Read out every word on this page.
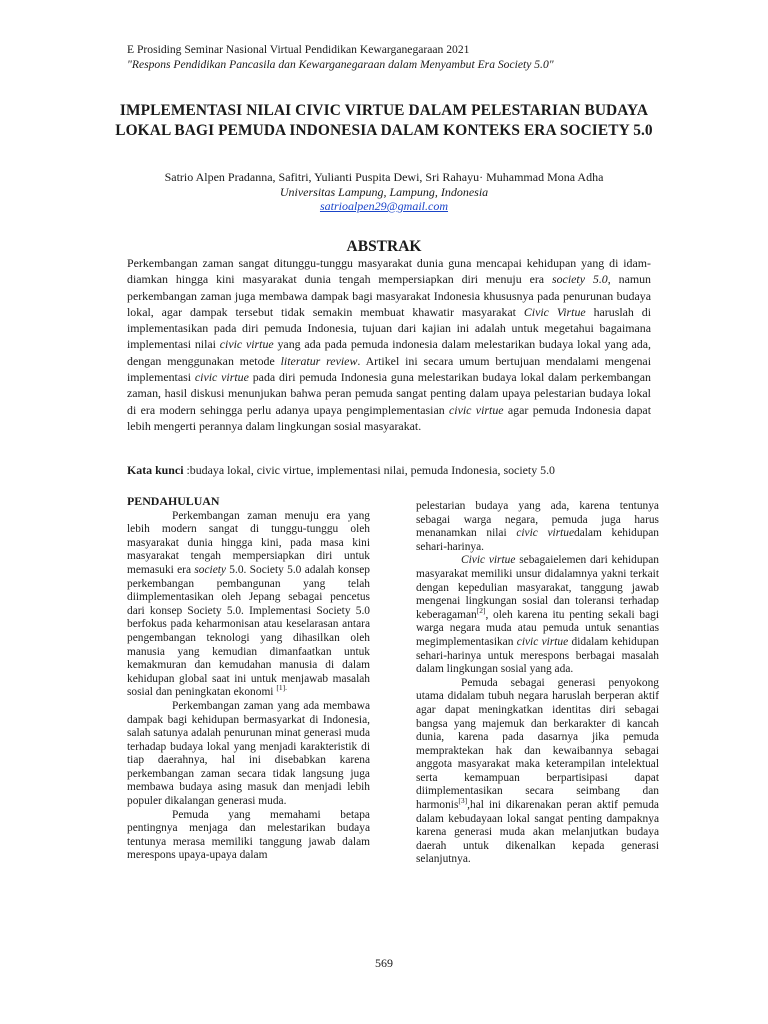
E Prosiding Seminar Nasional Virtual Pendidikan Kewarganegaraan 2021
"Respons Pendidikan Pancasila dan Kewarganegaraan dalam Menyambut Era Society 5.0"
IMPLEMENTASI NILAI CIVIC VIRTUE DALAM PELESTARIAN BUDAYA LOKAL BAGI PEMUDA INDONESIA DALAM KONTEKS ERA SOCIETY 5.0
Satrio Alpen Pradanna, Safitri, Yulianti Puspita Dewi, Sri Rahayu· Muhammad Mona Adha
Universitas Lampung, Lampung, Indonesia
satrioalpen29@gmail.com
ABSTRAK

Perkembangan zaman sangat ditunggu-tunggu masyarakat dunia guna mencapai kehidupan yang di idam-diamkan hingga kini masyarakat dunia tengah mempersiapkan diri menuju era society 5.0, namun perkembangan zaman juga membawa dampak bagi masyarakat Indonesia khususnya pada penurunan budaya lokal, agar dampak tersebut tidak semakin membuat khawatir masyarakat Civic Virtue haruslah di implementasikan pada diri pemuda Indonesia, tujuan dari kajian ini adalah untuk megetahui bagaimana implementasi nilai civic virtue yang ada pada pemuda indonesia dalam melestarikan budaya lokal yang ada, dengan menggunakan metode literatur review. Artikel ini secara umum bertujuan mendalami mengenai implementasi civic virtue pada diri pemuda Indonesia guna melestarikan budaya lokal dalam perkembangan zaman, hasil diskusi menunjukan bahwa peran pemuda sangat penting dalam upaya pelestarian budaya lokal di era modern sehingga perlu adanya upaya pengimplementasian civic virtue agar pemuda Indonesia dapat lebih mengerti perannya dalam lingkungan sosial masyarakat.

Kata kunci :budaya lokal, civic virtue, implementasi nilai, pemuda Indonesia, society 5.0
PENDAHULUAN

Perkembangan zaman menuju era yang lebih modern sangat di tunggu-tunggu oleh masyarakat dunia hingga kini, pada masa kini masyarakat tengah mempersiapkan diri untuk memasuki era society 5.0. Society 5.0 adalah konsep perkembangan pembangunan yang telah diimplementasikan oleh Jepang sebagai pencetus dari konsep Society 5.0. Implementasi Society 5.0 berfokus pada keharmonisan atau keselarasan antara pengembangan teknologi yang dihasilkan oleh manusia yang kemudian dimanfaatkan untuk kemakmuran dan kemudahan manusia di dalam kehidupan global saat ini untuk menjawab masalah sosial dan peningkatan ekonomi $^{[1].}$

Perkembangan zaman yang ada membawa dampak bagi kehidupan bermasyarkat di Indonesia, salah satunya adalah penurunan minat generasi muda terhadap budaya lokal yang menjadi karakteristik di tiap daerahnya, hal ini disebabkan karena perkembangan zaman secara tidak langsung juga membawa budaya asing masuk dan menjadi lebih populer dikalangan generasi muda.

Pemuda yang memahami betapa pentingnya menjaga dan melestarikan budaya tentunya merasa memiliki tanggung jawab dalam merespons upaya-upaya dalam

pelestarian budaya yang ada, karena tentunya sebagai warga negara, pemuda juga harus menanamkan nilai civic virtuedalam kehidupan sehari-harinya.

Civic virtue sebagaielemen dari kehidupan masyarakat memiliki unsur didalamnya yakni terkait dengan kepedulian masyarakat, tanggung jawab mengenai lingkungan sosial dan toleransi terhadap keberagaman[2], oleh karena itu penting sekali bagi warga negara muda atau pemuda untuk senantias megimplementasikan civic virtue didalam kehidupan sehari-harinya untuk merespons berbagai masalah dalam lingkungan sosial yang ada.

Pemuda sebagai generasi penyokong utama didalam tubuh negara haruslah berperan aktif agar dapat meningkatkan identitas diri sebagai bangsa yang majemuk dan berkarakter di kancah dunia, karena pada dasarnya jika pemuda mempraktekan hak dan kewaibannya sebagai anggota masyarakat maka keterampilan intelektual serta kemampuan berpartisipasi dapat diimplementasikan secara seimbang dan harmonis[3],hal ini dikarenakan peran aktif pemuda dalam kebudayaan lokal sangat penting dampaknya karena generasi muda akan melanjutkan budaya daerah untuk dikenalkan kepada generasi selanjutnya.

569
